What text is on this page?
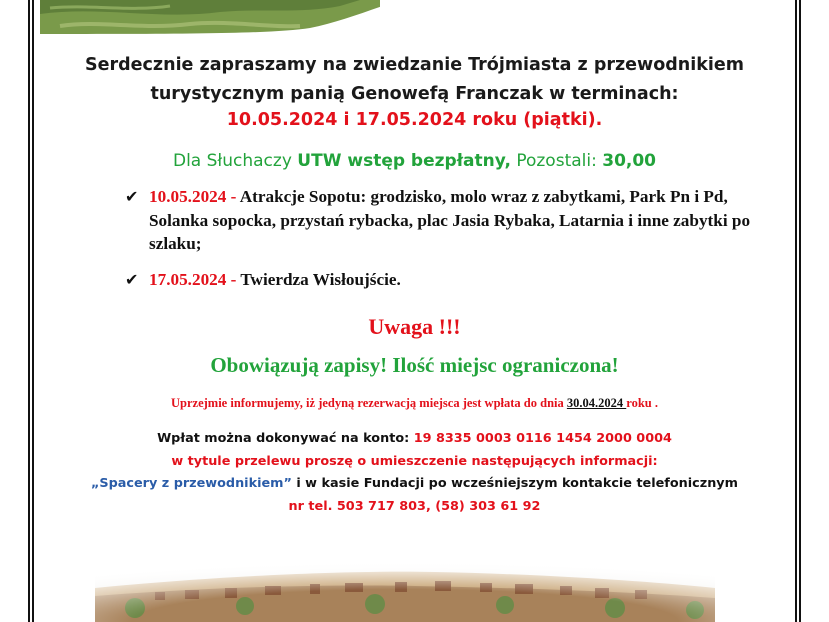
Serdecznie zapraszamy na zwiedzanie Trójmiasta z przewodnikiem
turystycznym panią Genowefą Franczak w terminach:
10.05.2024 i 17.05.2024 roku (piątki).
Dla Słuchaczy UTW wstęp bezpłatny, Pozostali: 30,00
✔ 10.05.2024 - Atrakcje Sopotu: grodzisko, molo wraz z zabytkami, Park Pn i Pd, Solanka sopocka, przystań rybacka, plac Jasia Rybaka, Latarnia i inne zabytki po szlaku;
✔ 17.05.2024 - Twierdza Wisłoujście.
Uwaga !!!
Obowiązują zapisy! Ilość miejsc ograniczona!
Uprzejmie informujemy, iż jedyną rezerwacją miejsca jest wpłata do dnia 30.04.2024 roku .
Wpłat można dokonywać na konto: 19 8335 0003 0116 1454 2000 0004
w tytule przelewu proszę o umieszczenie następujących informacji:
„Spacery z przewodnikiem” i w kasie Fundacji po wcześniejszym kontakcie telefonicznym
nr tel. 503 717 803, (58) 303 61 92
